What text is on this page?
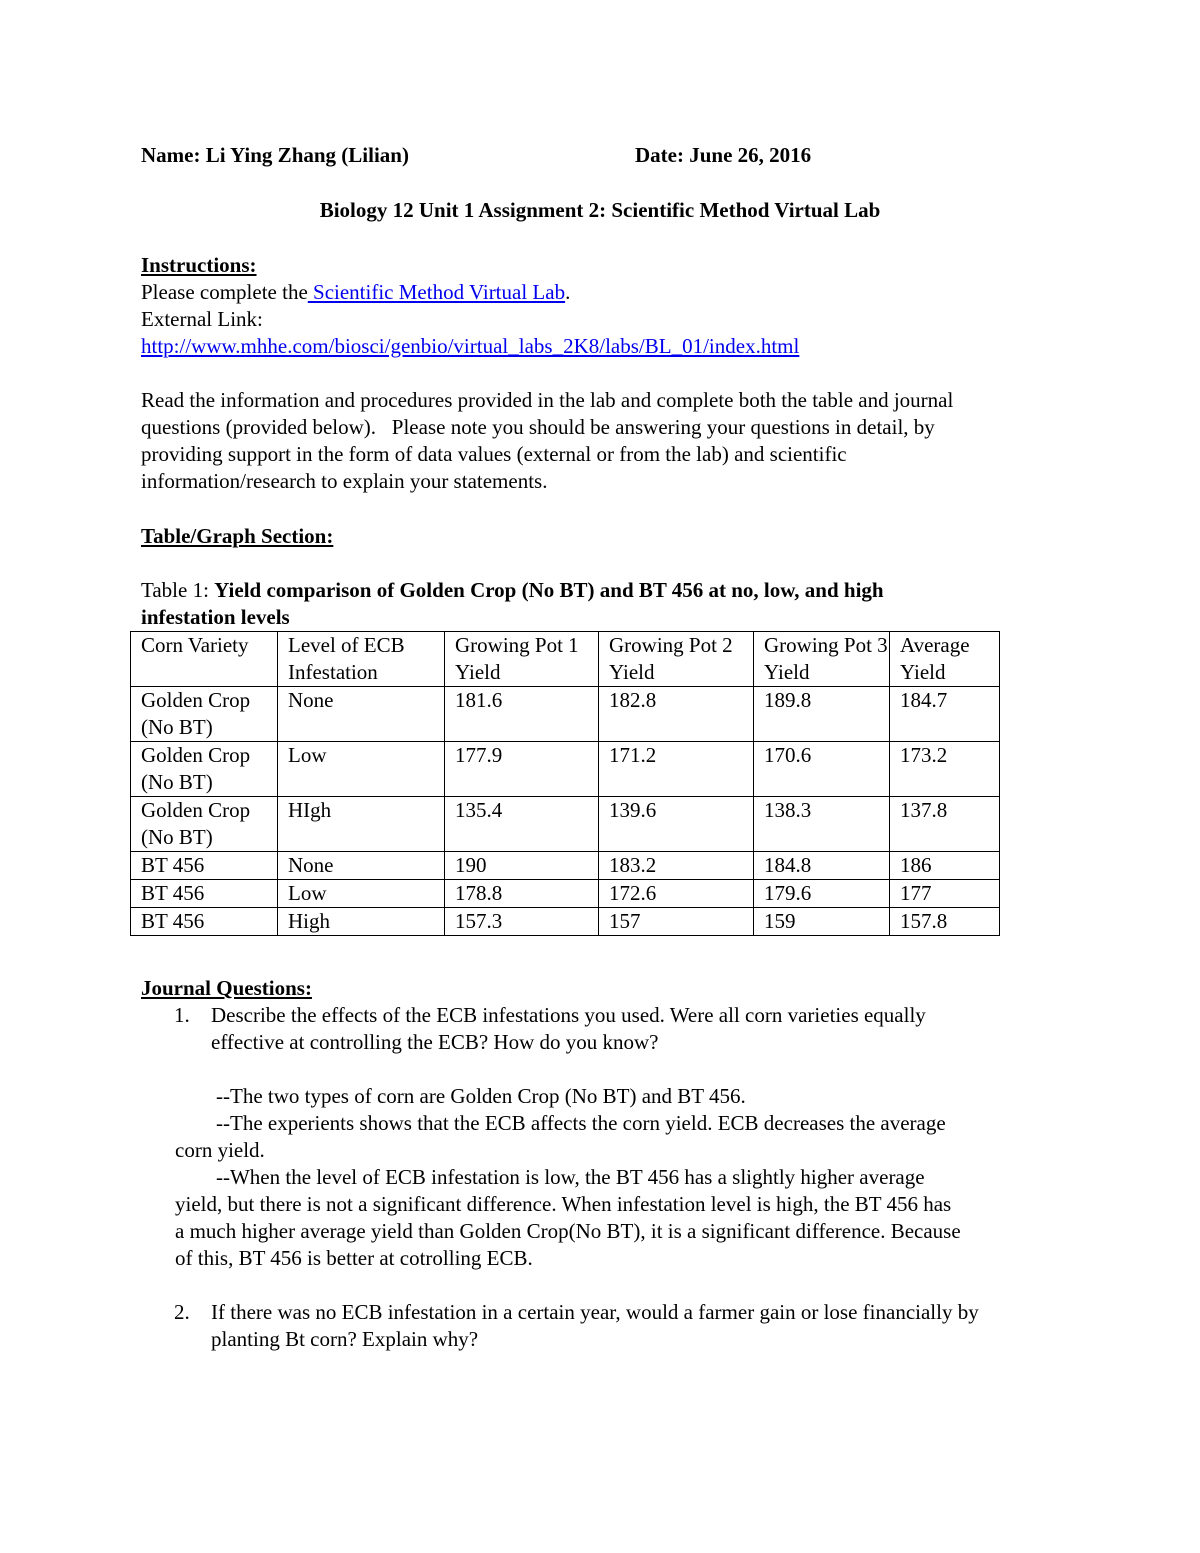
Name: Li Ying Zhang (Lilian)	Date: June 26, 2016
Biology 12 Unit 1 Assignment 2: Scientific Method Virtual Lab
Instructions:

Please complete the Scientific Method Virtual Lab.

External Link:

http://www.mhhe.com/biosci/genbio/virtual_labs_2K8/labs/BL_01/index.html

Read the information and procedures provided in the lab and complete both the table and journal

questions (provided below).   Please note you should be answering your questions in detail, by

providing support in the form of data values (external or from the lab) and scientific

information/research to explain your statements.

Table/Graph Section:

Table 1: Yield comparison of Golden Crop (No BT) and BT 456 at no, low, and high

infestation levels

Corn Variety	Level of ECB Infestation	Growing Pot 1 Yield	Growing Pot 2 Yield	Growing Pot 3 Yield	Average Yield
Golden Crop (No BT)	None	181.6	182.8	189.8	184.7
Golden Crop (No BT)	Low	177.9	171.2	170.6	173.2
Golden Crop (No BT)	HIgh	135.4	139.6	138.3	137.8
BT 456	None	190	183.2	184.8	186
BT 456	Low	178.8	172.6	179.6	177
BT 456	High	157.3	157	159	157.8
Journal Questions:
1. Describe the effects of the ECB infestations you used. Were all corn varieties equally

effective at controlling the ECB? How do you know?

--The two types of corn are Golden Crop (No BT) and BT 456.

--The experients shows that the ECB affects the corn yield. ECB decreases the average

corn yield.

--When the level of ECB infestation is low, the BT 456 has a slightly higher average

yield, but there is not a significant difference. When infestation level is high, the BT 456 has

a much higher average yield than Golden Crop(No BT), it is a significant difference. Because

of this, BT 456 is better at cotrolling ECB.

2. If there was no ECB infestation in a certain year, would a farmer gain or lose financially by

planting Bt corn? Explain why?
